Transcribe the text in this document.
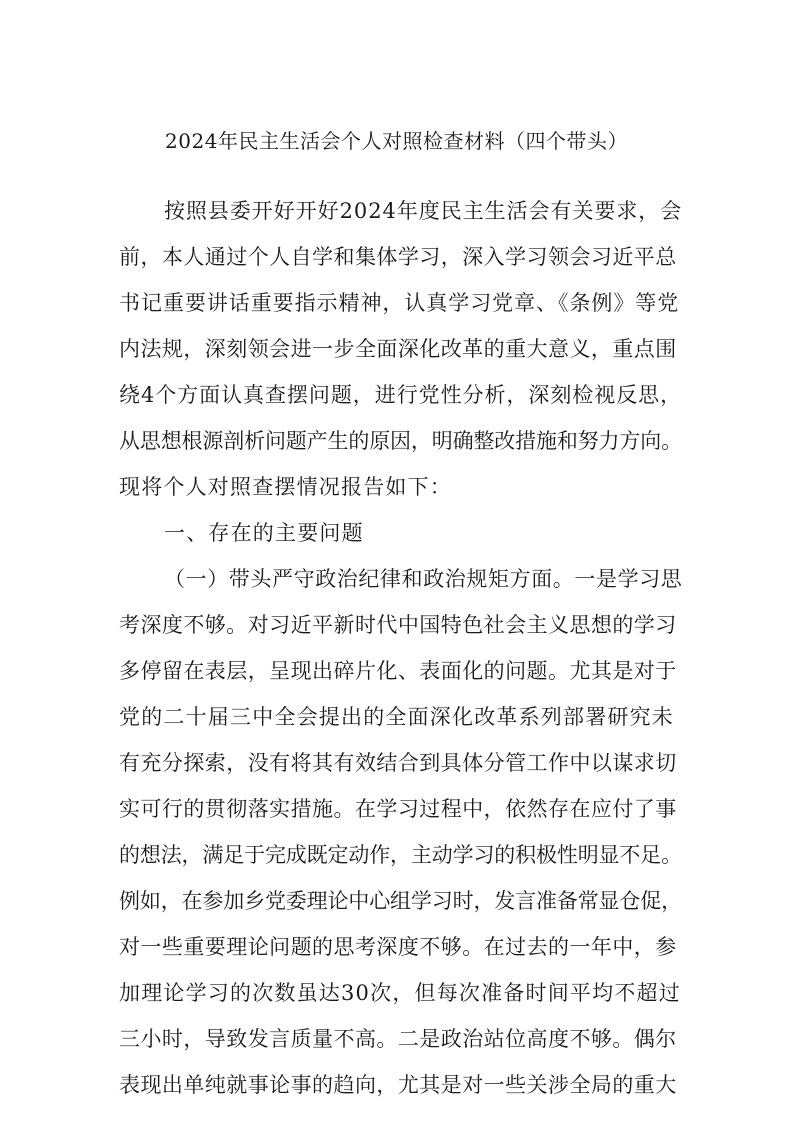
2024年民主生活会个人对照检查材料（四个带头）
按照县委开好开好2024年度民主生活会有关要求，会
前，本人通过个人自学和集体学习，深入学习领会习近平总
书记重要讲话重要指示精神，认真学习党章、《条例》等党
内法规，深刻领会进一步全面深化改革的重大意义，重点围
绕4个方面认真查摆问题，进行党性分析，深刻检视反思，
从思想根源剖析问题产生的原因，明确整改措施和努力方向。
现将个人对照查摆情况报告如下：
一、存在的主要问题
（一）带头严守政治纪律和政治规矩方面。一是学习思
考深度不够。对习近平新时代中国特色社会主义思想的学习
多停留在表层，呈现出碎片化、表面化的问题。尤其是对于
党的二十届三中全会提出的全面深化改革系列部署研究未
有充分探索，没有将其有效结合到具体分管工作中以谋求切
实可行的贯彻落实措施。在学习过程中，依然存在应付了事
的想法，满足于完成既定动作，主动学习的积极性明显不足。
例如，在参加乡党委理论中心组学习时，发言准备常显仓促，
对一些重要理论问题的思考深度不够。在过去的一年中，参
加理论学习的次数虽达30次，但每次准备时间平均不超过
三小时，导致发言质量不高。二是政治站位高度不够。偶尔
表现出单纯就事论事的趋向，尤其是对一些关涉全局的重大
